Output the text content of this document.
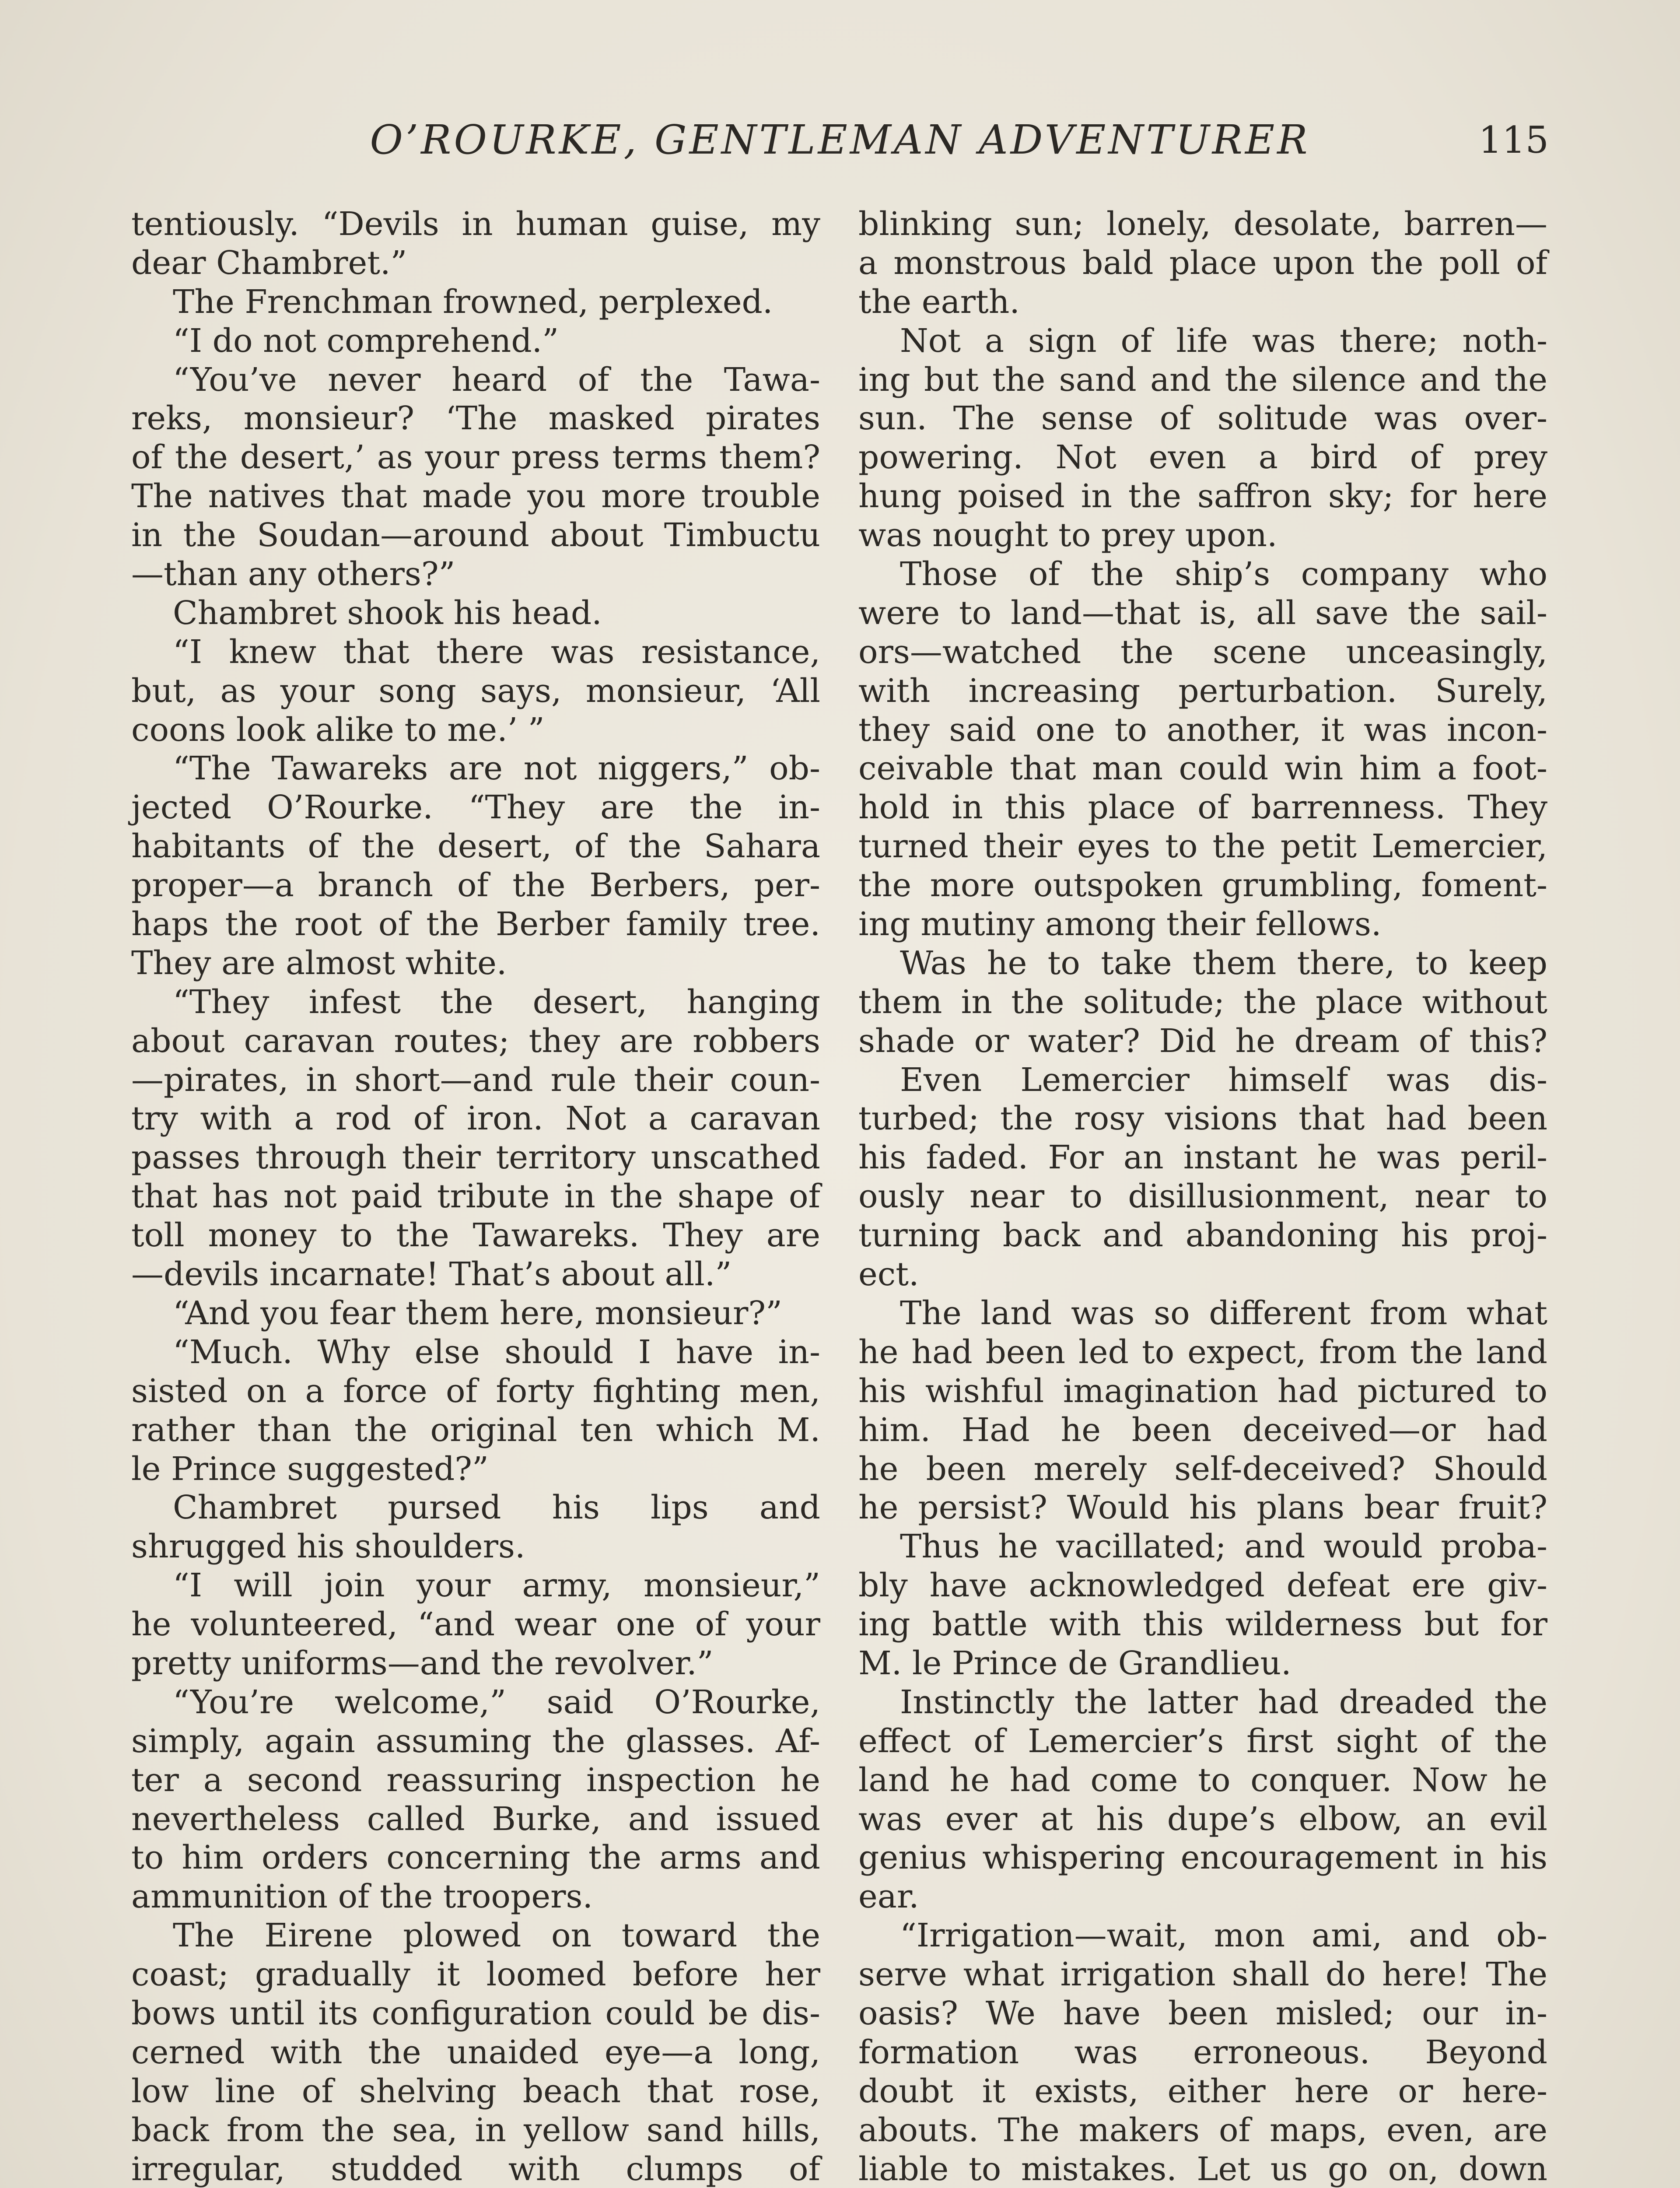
O’ROURKE, GENTLEMAN ADVENTURER	115
tentiously. “Devils in human guise, my
dear Chambret.”
The Frenchman frowned, perplexed.
“I do not comprehend.”
“You’ve never heard of the Tawa-
reks, monsieur? ‘The masked pirates
of the desert,’ as your press terms them?
The natives that made you more trouble
in the Soudan—around about Timbuctu
—than any others?”
Chambret shook his head.
“I knew that there was resistance,
but, as your song says, monsieur, ‘All
coons look alike to me.’ ”
“The Tawareks are not niggers,” ob-
jected O’Rourke. “They are the in-
habitants of the desert, of the Sahara
proper—a branch of the Berbers, per-
haps the root of the Berber family tree.
They are almost white.
“They infest the desert, hanging
about caravan routes; they are robbers
—pirates, in short—and rule their coun-
try with a rod of iron. Not a caravan
passes through their territory unscathed
that has not paid tribute in the shape of
toll money to the Tawareks. They are
—devils incarnate! That’s about all.”
“And you fear them here, monsieur?”
“Much. Why else should I have in-
sisted on a force of forty fighting men,
rather than the original ten which M.
le Prince suggested?”
Chambret pursed his lips and
shrugged his shoulders.
“I will join your army, monsieur,”
he volunteered, “and wear one of your
pretty uniforms—and the revolver.”
“You’re welcome,” said O’Rourke,
simply, again assuming the glasses. Af-
ter a second reassuring inspection he
nevertheless called Burke, and issued
to him orders concerning the arms and
ammunition of the troopers.
The Eirene plowed on toward the
coast; gradually it loomed before her
bows until its configuration could be dis-
cerned with the unaided eye—a long,
low line of shelving beach that rose,
back from the sea, in yellow sand hills,
irregular, studded with clumps of
blinking sun; lonely, desolate, barren—
a monstrous bald place upon the poll of
the earth.
Not a sign of life was there; noth-
ing but the sand and the silence and the
sun. The sense of solitude was over-
powering. Not even a bird of prey
hung poised in the saffron sky; for here
was nought to prey upon.
Those of the ship’s company who
were to land—that is, all save the sail-
ors—watched the scene unceasingly,
with increasing perturbation. Surely,
they said one to another, it was incon-
ceivable that man could win him a foot-
hold in this place of barrenness. They
turned their eyes to the petit Lemercier,
the more outspoken grumbling, foment-
ing mutiny among their fellows.
Was he to take them there, to keep
them in the solitude; the place without
shade or water? Did he dream of this?
Even Lemercier himself was dis-
turbed; the rosy visions that had been
his faded. For an instant he was peril-
ously near to disillusionment, near to
turning back and abandoning his proj-
ect.
The land was so different from what
he had been led to expect, from the land
his wishful imagination had pictured to
him. Had he been deceived—or had
he been merely self-deceived? Should
he persist? Would his plans bear fruit?
Thus he vacillated; and would proba-
bly have acknowledged defeat ere giv-
ing battle with this wilderness but for
M. le Prince de Grandlieu.
Instinctly the latter had dreaded the
effect of Lemercier’s first sight of the
land he had come to conquer. Now he
was ever at his dupe’s elbow, an evil
genius whispering encouragement in his
ear.
“Irrigation—wait, mon ami, and ob-
serve what irrigation shall do here! The
oasis? We have been misled; our in-
formation was erroneous. Beyond
doubt it exists, either here or here-
abouts. The makers of maps, even, are
liable to mistakes. Let us go on, down
